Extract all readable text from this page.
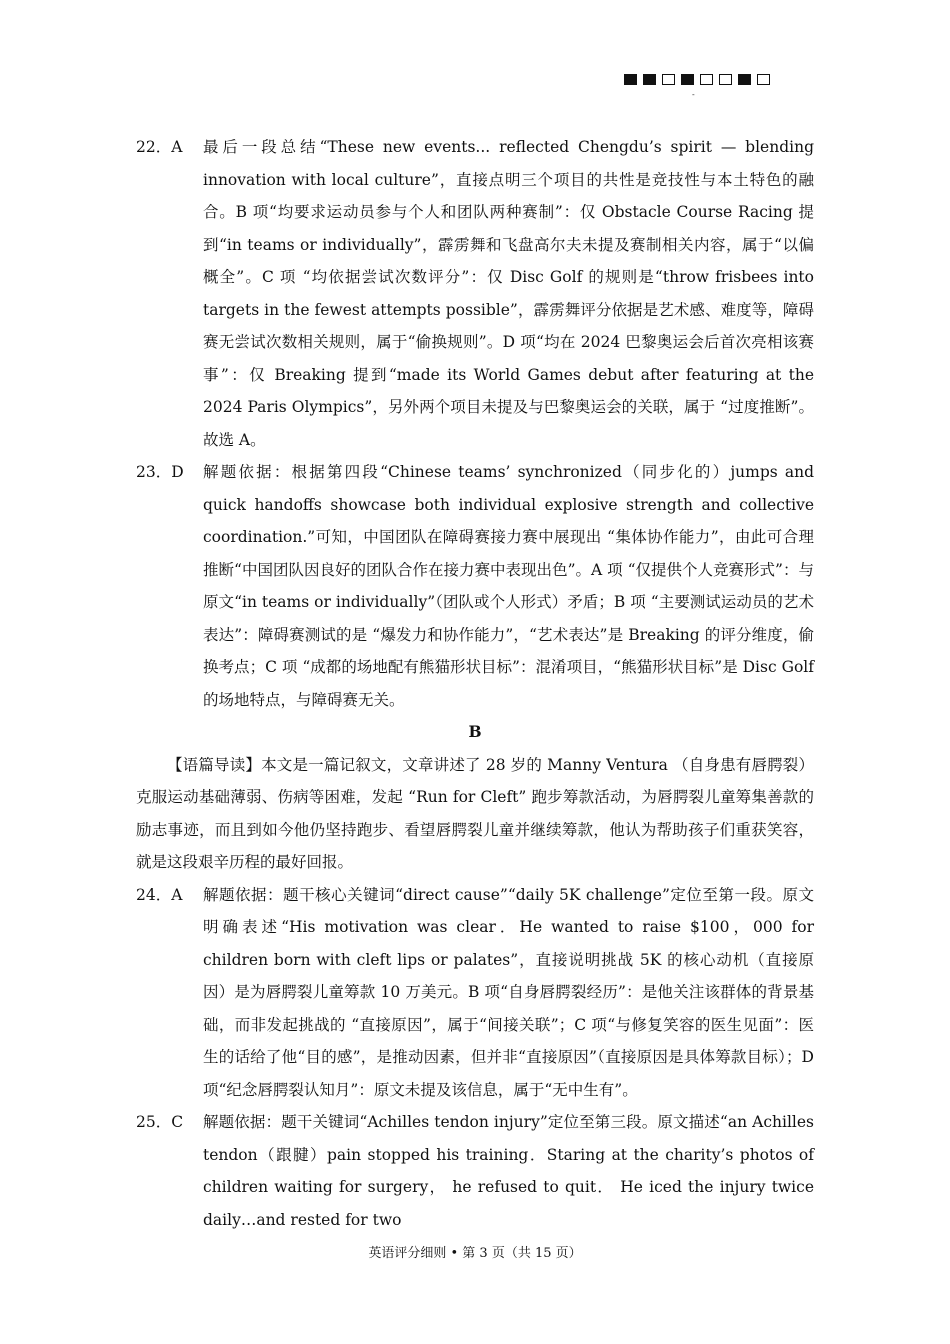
-
22．A	最后一段总结“These new events... reflected Chengdu’s spirit — blending innovation with local culture”，直接点明三个项目的共性是竞技性与本土特色的融合。B 项“均要求运动员参与个人和团队两种赛制”：仅 Obstacle Course Racing 提到“in teams or individually”，霹雳舞和飞盘高尔夫未提及赛制相关内容，属于“以偏概全”。C 项 “均依据尝试次数评分”：仅 Disc Golf 的规则是“throw frisbees into targets in the fewest attempts possible”，霹雳舞评分依据是艺术感、难度等，障碍赛无尝试次数相关规则，属于“偷换规则”。D 项“均在 2024 巴黎奥运会后首次亮相该赛事”：仅 Breaking 提到“made its World Games debut after featuring at the 2024 Paris Olympics”，另外两个项目未提及与巴黎奥运会的关联，属于 “过度推断”。故选 A。
23．D	解题依据：根据第四段“Chinese teams’ synchronized（同步化的）jumps and quick handoffs showcase both individual explosive strength and collective coordination.”可知，中国团队在障碍赛接力赛中展现出 “集体协作能力”，由此可合理推断“中国团队因良好的团队合作在接力赛中表现出色”。A 项 “仅提供个人竞赛形式”：与原文“in teams or individually”（团队或个人形式）矛盾；B 项 “主要测试运动员的艺术表达”：障碍赛测试的是 “爆发力和协作能力”，“艺术表达”是 Breaking 的评分维度，偷换考点；C 项 “成都的场地配有熊猫形状目标”：混淆项目，“熊猫形状目标”是 Disc Golf 的场地特点，与障碍赛无关。
B
【语篇导读】本文是一篇记叙文，文章讲述了 28 岁的 Manny Ventura （自身患有唇腭裂）克服运动基础薄弱、伤病等困难，发起 “Run for Cleft” 跑步筹款活动，为唇腭裂儿童筹集善款的励志事迹，而且到如今他仍坚持跑步、看望唇腭裂儿童并继续筹款，他认为帮助孩子们重获笑容，就是这段艰辛历程的最好回报。
24．A	解题依据：题干核心关键词“direct cause”“daily 5K challenge”定位至第一段。原文明确表述“His motivation was clear．He wanted to raise $100，000 for children born with cleft lips or palates”，直接说明挑战 5K 的核心动机（直接原因）是为唇腭裂儿童筹款 10 万美元。B 项“自身唇腭裂经历”：是他关注该群体的背景基础，而非发起挑战的 “直接原因”，属于“间接关联”；C 项“与修复笑容的医生见面”：医生的话给了他“目的感”，是推动因素，但并非“直接原因”（直接原因是具体筹款目标）；D 项“纪念唇腭裂认知月”：原文未提及该信息，属于“无中生有”。
25．C	解题依据：题干关键词“Achilles tendon injury”定位至第三段。原文描述“an Achilles tendon（跟腱）pain stopped his training．Staring at the charity’s photos of children waiting for surgery， he refused to quit． He iced the injury twice daily…and rested for two
英语评分细则 • 第 3 页（共 15 页）
